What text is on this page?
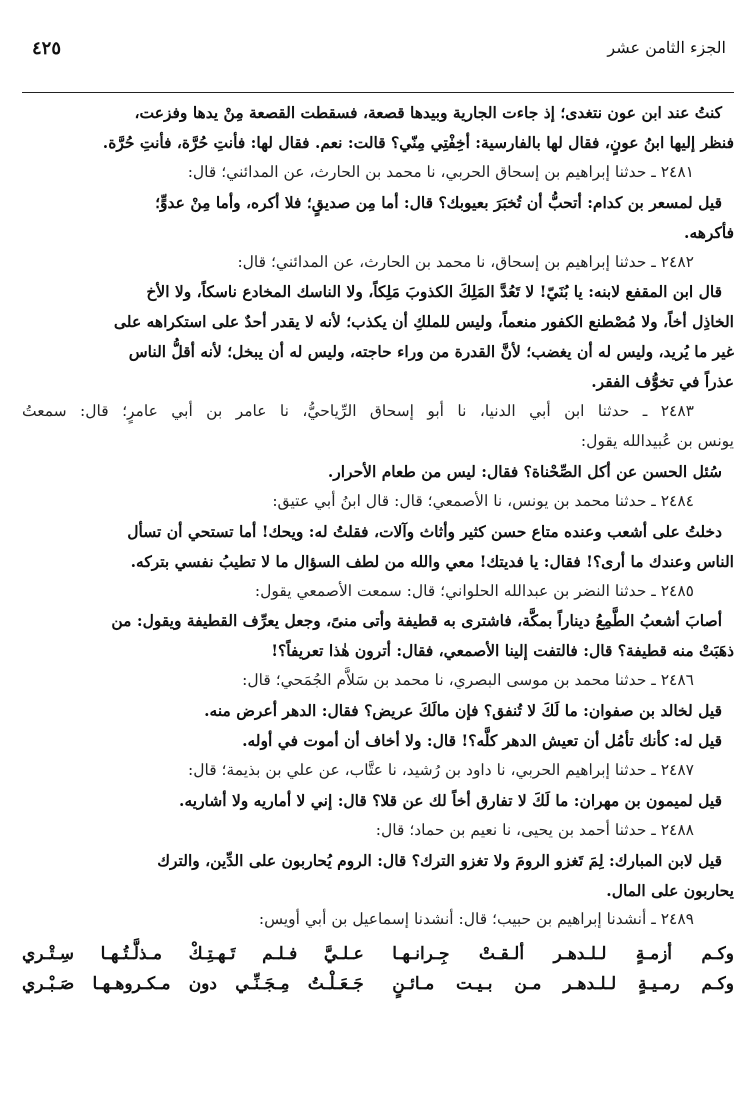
الجزء الثامن عشر
٤٢٥

كنتُ عند ابن عون نتغدى؛ إذ جاءت الجارية وبيدها قصعة، فسقطت القصعة مِنْ يدها وفزعت،

فنظر إليها ابنُ عونٍ، فقال لها بالفارسية: أخِفْتِي مِنّي؟ قالت: نعم. فقال لها: فأنتِ حُرَّة، فأنتِ حُرَّة.

٢٤٨١ ـ حدثنا إبراهيم بن إسحاق الحربي، نا محمد بن الحارث، عن المدائني؛ قال:

قيل لمسعر بن كدام: أتحبُّ أن تُخبَرَ بعيوبك؟ قال: أما مِن صديقٍ؛ فلا أكره، وأما مِنْ عدوٍّ؛

فأكرهه.

٢٤٨٢ ـ حدثنا إبراهيم بن إسحاق، نا محمد بن الحارث، عن المدائني؛ قال:

قال ابن المقفع لابنه: يا بُنَيّ! لا تَعُدَّ المَلِكَ الكذوبَ مَلِكاً، ولا الناسك المخادع ناسكاً، ولا الأخ

الخاذِل أخاً، ولا مُصْطنع الكفور منعماً، وليس للملكِ أن يكذب؛ لأنه لا يقدر أحدٌ على استكراهه على

غير ما يُريد، وليس له أن يغضب؛ لأنَّ القدرة من وراء حاجته، وليس له أن يبخل؛ لأنه أقلُّ الناس

عذراً في تخوُّف الفقر.

٢٤٨٣ ـ حدثنا ابن أبي الدنيا، نا أبو إسحاق الرِّياحيُّ، نا عامر بن أبي عامرٍ؛ قال: سمعتُ

يونس بن عُبيدالله يقول:

سُئل الحسن عن أكل الصِّحْناة؟ فقال: ليس من طعام الأحرار.

٢٤٨٤ ـ حدثنا محمد بن يونس، نا الأصمعي؛ قال: قال ابنُ أبي عتيق:

دخلتُ على أشعب وعنده متاع حسن كثير وأثاث وآلات، فقلتُ له: ويحك! أما تستحي أن تسأل

الناس وعندك ما أرى؟! فقال: يا فديتك! معي والله من لطف السؤال ما لا تطيبُ نفسي بتركه.

٢٤٨٥ ـ حدثنا النضر بن عبدالله الحلواني؛ قال: سمعت الأصمعي يقول:

أصابَ أشعبُ الطَّمِعُ ديناراً بمكَّة، فاشترى به قطيفة وأتى منىً، وجعل يعرِّف القطيفة ويقول: من

ذهَبَتْ منه قطيفة؟ قال: فالتفت إلينا الأصمعي، فقال: أترون هٰذا تعريفاً؟!

٢٤٨٦ ـ حدثنا محمد بن موسى البصري، نا محمد بن سَلاَّم الجُمَحي؛ قال:

قيل لخالد بن صفوان: ما لَكَ لا تُنفق؟ فإن مالَكَ عريض؟ فقال: الدهر أعرض منه.

قيل له: كأنك تأمُل أن تعيش الدهر كلَّه؟! قال: ولا أخاف أن أموت في أوله.

٢٤٨٧ ـ حدثنا إبراهيم الحربي، نا داود بن رُشيد، نا عتَّاب، عن علي بن بذيمة؛ قال:

قيل لميمون بن مهران: ما لَكَ لا تفارق أخاً لك عن قلا؟ قال: إني لا أماريه ولا أشاريه.

٢٤٨٨ ـ حدثنا أحمد بن يحيى، نا نعيم بن حماد؛ قال:

قيل لابن المبارك: لِمَ تَغزو الرومَ ولا تغزو الترك؟ قال: الروم يُحاربون على الدِّين، والترك

يحاربون على المال.

٢٤٨٩ ـ أنشدنا إبراهيم بن حبيب؛ قال: أنشدنا إسماعيل بن أبي أويس:

وكـم أزمـةٍ لـلـدهـر ألـقـتْ جِـرانـهـا
عـلـيَّ فـلـم تَـهـتِـكْ مـذلَّـتُـهـا سِـتْـري
وكـم رمـيـةٍ لـلـدهـر مـن بـيـت مـائـنٍ
جَـعَـلْـتُ مِـجَـنِّـي دون مـكـروهـهـا صَـبْـري
